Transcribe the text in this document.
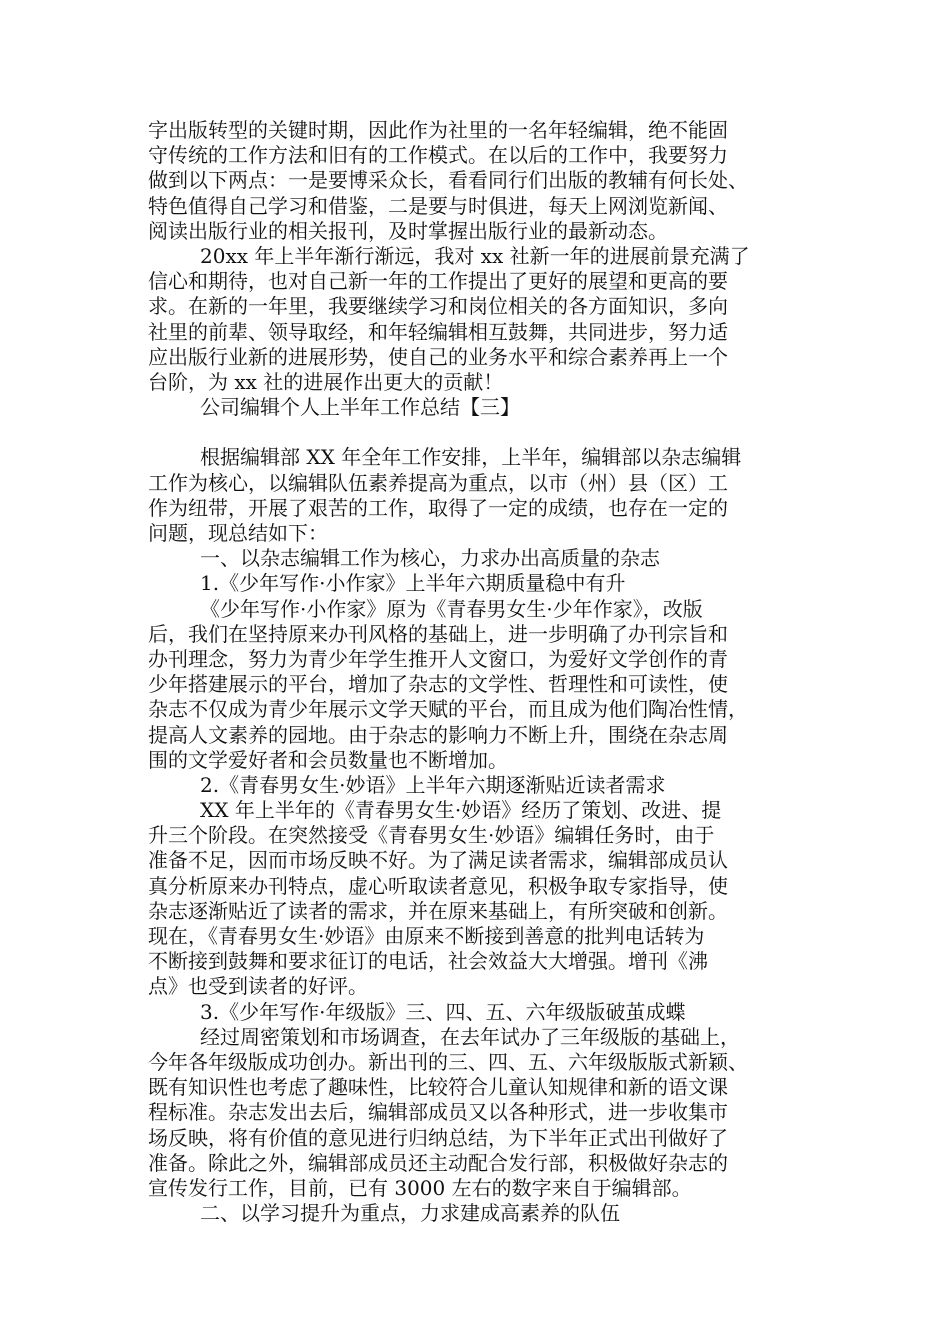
字出版转型的关键时期，因此作为社里的一名年轻编辑，绝不能固
守传统的工作方法和旧有的工作模式。在以后的工作中，我要努力
做到以下两点：一是要博采众长，看看同行们出版的教辅有何长处、
特色值得自己学习和借鉴，二是要与时俱进，每天上网浏览新闻、
阅读出版行业的相关报刊，及时掌握出版行业的最新动态。
20xx 年上半年渐行渐远，我对 xx 社新一年的进展前景充满了
信心和期待，也对自己新一年的工作提出了更好的展望和更高的要
求。在新的一年里，我要继续学习和岗位相关的各方面知识，多向
社里的前辈、领导取经，和年轻编辑相互鼓舞，共同进步，努力适
应出版行业新的进展形势，使自己的业务水平和综合素养再上一个
台阶，为 xx 社的进展作出更大的贡献！
公司编辑个人上半年工作总结【三】
根据编辑部 XX 年全年工作安排，上半年，编辑部以杂志编辑
工作为核心，以编辑队伍素养提高为重点，以市（州）县（区）工
作为纽带，开展了艰苦的工作，取得了一定的成绩，也存在一定的
问题，现总结如下：
一、以杂志编辑工作为核心，力求办出高质量的杂志
1.《少年写作·小作家》上半年六期质量稳中有升
《少年写作·小作家》原为《青春男女生·少年作家》，改版
后，我们在坚持原来办刊风格的基础上，进一步明确了办刊宗旨和
办刊理念，努力为青少年学生推开人文窗口，为爱好文学创作的青
少年搭建展示的平台，增加了杂志的文学性、哲理性和可读性，使
杂志不仅成为青少年展示文学天赋的平台，而且成为他们陶冶性情，
提高人文素养的园地。由于杂志的影响力不断上升，围绕在杂志周
围的文学爱好者和会员数量也不断增加。
2.《青春男女生·妙语》上半年六期逐渐贴近读者需求
XX 年上半年的《青春男女生·妙语》经历了策划、改进、提
升三个阶段。在突然接受《青春男女生·妙语》编辑任务时，由于
准备不足，因而市场反映不好。为了满足读者需求，编辑部成员认
真分析原来办刊特点，虚心听取读者意见，积极争取专家指导，使
杂志逐渐贴近了读者的需求，并在原来基础上，有所突破和创新。
现在，《青春男女生·妙语》由原来不断接到善意的批判电话转为
不断接到鼓舞和要求征订的电话，社会效益大大增强。增刊《沸
点》也受到读者的好评。
3.《少年写作·年级版》三、四、五、六年级版破茧成蝶
经过周密策划和市场调查，在去年试办了三年级版的基础上，
今年各年级版成功创办。新出刊的三、四、五、六年级版版式新颖、
既有知识性也考虑了趣味性，比较符合儿童认知规律和新的语文课
程标准。杂志发出去后，编辑部成员又以各种形式，进一步收集市
场反映，将有价值的意见进行归纳总结，为下半年正式出刊做好了
准备。除此之外，编辑部成员还主动配合发行部，积极做好杂志的
宣传发行工作，目前，已有 3000 左右的数字来自于编辑部。
二、以学习提升为重点，力求建成高素养的队伍
